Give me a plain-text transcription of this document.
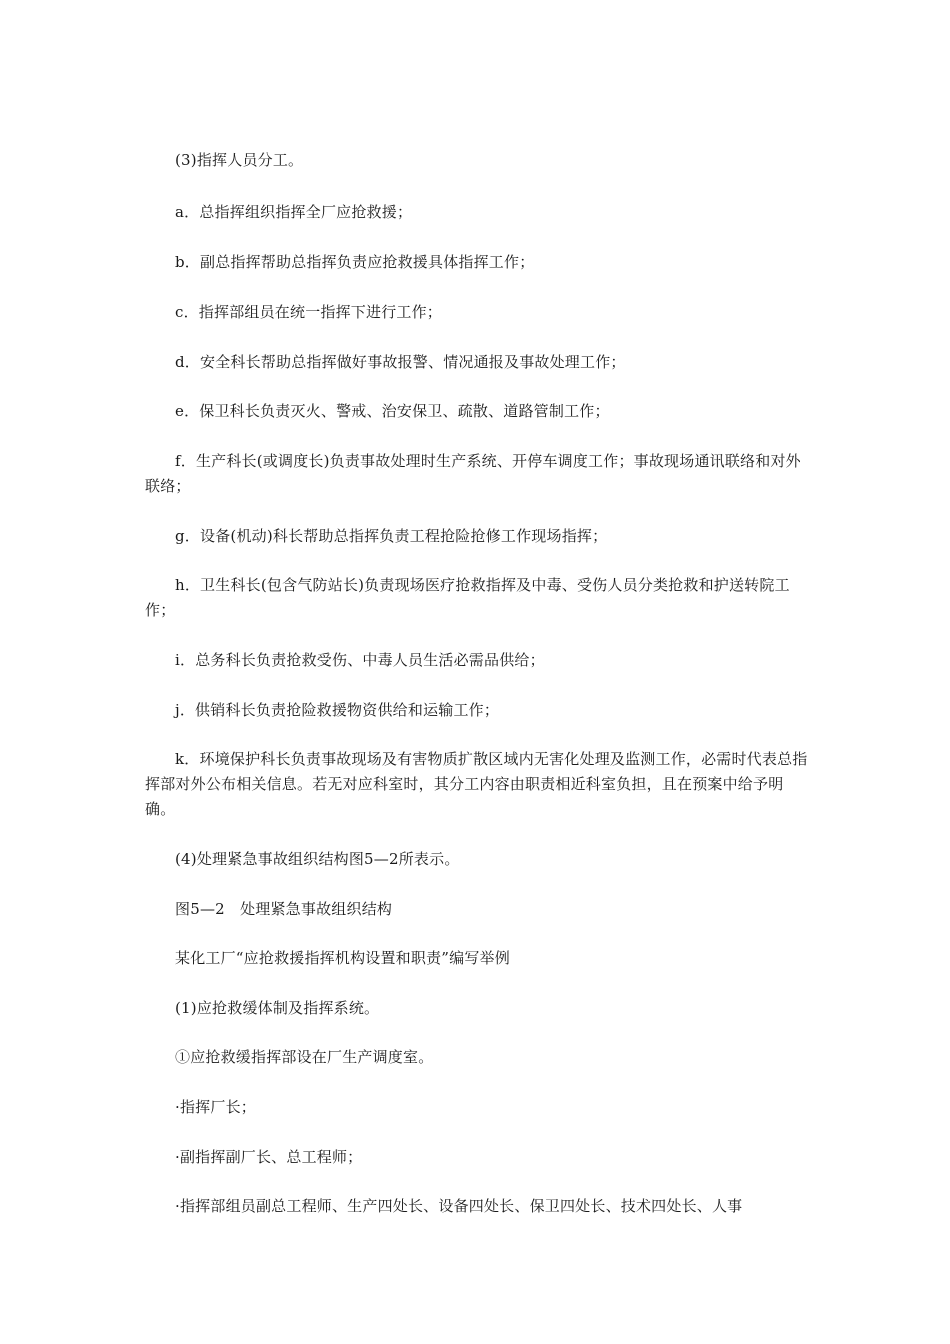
(3)指挥人员分工。

a．总指挥组织指挥全厂应抢救援；

b．副总指挥帮助总指挥负责应抢救援具体指挥工作；

c．指挥部组员在统一指挥下进行工作；

d．安全科长帮助总指挥做好事故报警、情况通报及事故处理工作；

e．保卫科长负责灭火、警戒、治安保卫、疏散、道路管制工作；

f．生产科长(或调度长)负责事故处理时生产系统、开停车调度工作；事故现场通讯联络和对外联络；

g．设备(机动)科长帮助总指挥负责工程抢险抢修工作现场指挥；

h．卫生科长(包含气防站长)负责现场医疗抢救指挥及中毒、受伤人员分类抢救和护送转院工作；

i．总务科长负责抢救受伤、中毒人员生活必需品供给；

j．供销科长负责抢险救援物资供给和运输工作；

k．环境保护科长负责事故现场及有害物质扩散区域内无害化处理及监测工作，必需时代表总指挥部对外公布相关信息。若无对应科室时，其分工内容由职责相近科室负担，且在预案中给予明确。

(4)处理紧急事故组织结构图5—2所表示。

图5—2　处理紧急事故组织结构

某化工厂“应抢救援指挥机构设置和职责”编写举例

(1)应抢救缓体制及指挥系统。

①应抢救缓指挥部设在厂生产调度室。

·指挥厂长；

·副指挥副厂长、总工程师；

·指挥部组员副总工程师、生产四处长、设备四处长、保卫四处长、技术四处长、人事
